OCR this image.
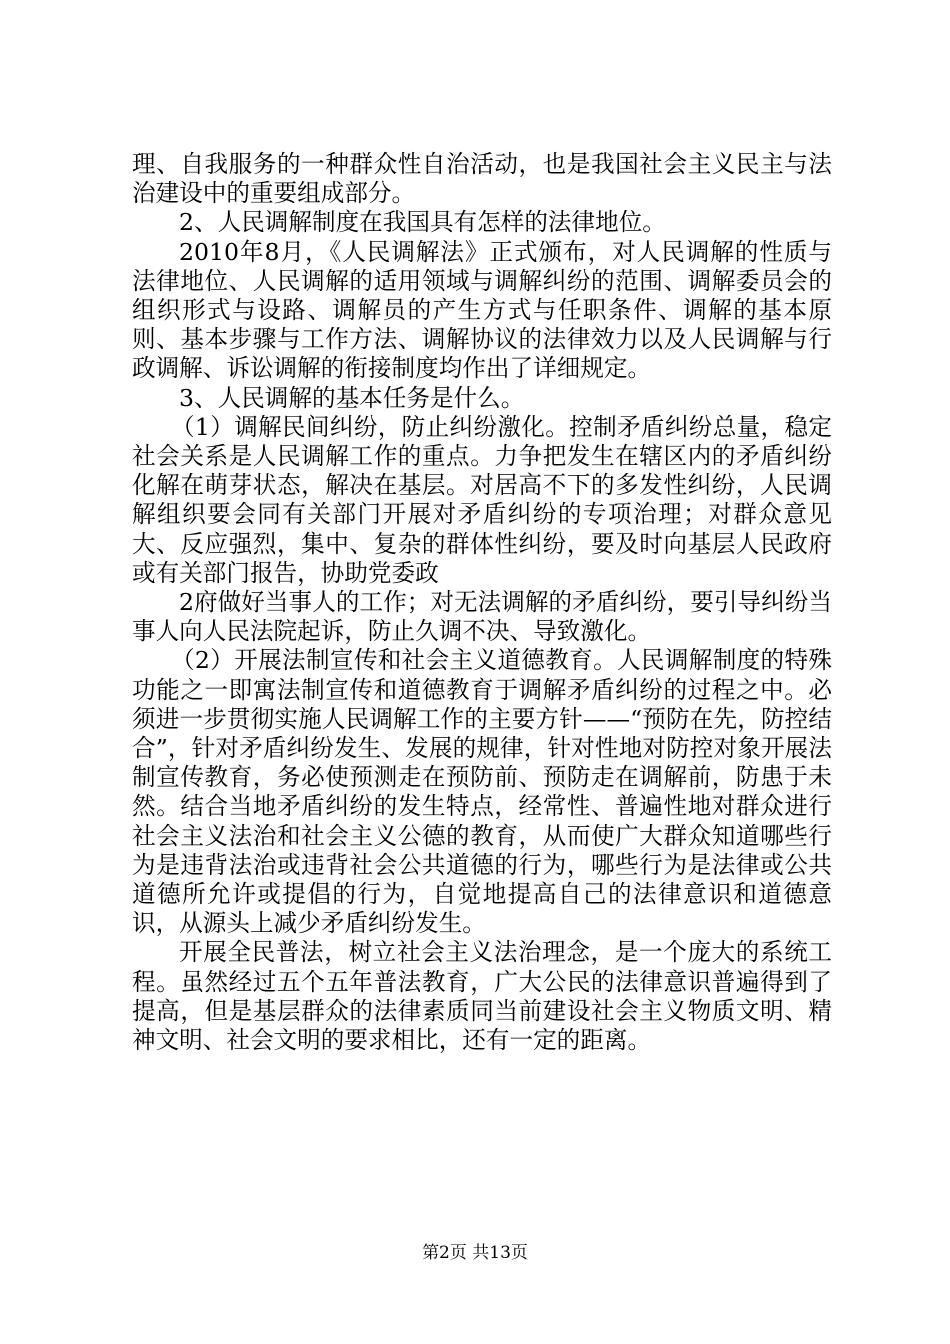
理、自我服务的一种群众性自治活动，也是我国社会主义民主与法治建设中的重要组成部分。

2、人民调解制度在我国具有怎样的法律地位。

2010年8月，《人民调解法》正式颁布，对人民调解的性质与法律地位、人民调解的适用领域与调解纠纷的范围、调解委员会的组织形式与设路、调解员的产生方式与任职条件、调解的基本原则、基本步骤与工作方法、调解协议的法律效力以及人民调解与行政调解、诉讼调解的衔接制度均作出了详细规定。

3、人民调解的基本任务是什么。

（1）调解民间纠纷，防止纠纷激化。控制矛盾纠纷总量，稳定社会关系是人民调解工作的重点。力争把发生在辖区内的矛盾纠纷化解在萌芽状态，解决在基层。对居高不下的多发性纠纷，人民调解组织要会同有关部门开展对矛盾纠纷的专项治理；对群众意见大、反应强烈，集中、复杂的群体性纠纷，要及时向基层人民政府或有关部门报告，协助党委政

2府做好当事人的工作；对无法调解的矛盾纠纷，要引导纠纷当事人向人民法院起诉，防止久调不决、导致激化。

（2）开展法制宣传和社会主义道德教育。人民调解制度的特殊功能之一即寓法制宣传和道德教育于调解矛盾纠纷的过程之中。必须进一步贯彻实施人民调解工作的主要方针——“预防在先，防控结合”，针对矛盾纠纷发生、发展的规律，针对性地对防控对象开展法制宣传教育，务必使预测走在预防前、预防走在调解前，防患于未然。结合当地矛盾纠纷的发生特点，经常性、普遍性地对群众进行社会主义法治和社会主义公德的教育，从而使广大群众知道哪些行为是违背法治或违背社会公共道德的行为，哪些行为是法律或公共道德所允许或提倡的行为，自觉地提高自己的法律意识和道德意识，从源头上减少矛盾纠纷发生。

开展全民普法，树立社会主义法治理念，是一个庞大的系统工程。虽然经过五个五年普法教育，广大公民的法律意识普遍得到了提高，但是基层群众的法律素质同当前建设社会主义物质文明、精神文明、社会文明的要求相比，还有一定的距离。

第2页 共13页
